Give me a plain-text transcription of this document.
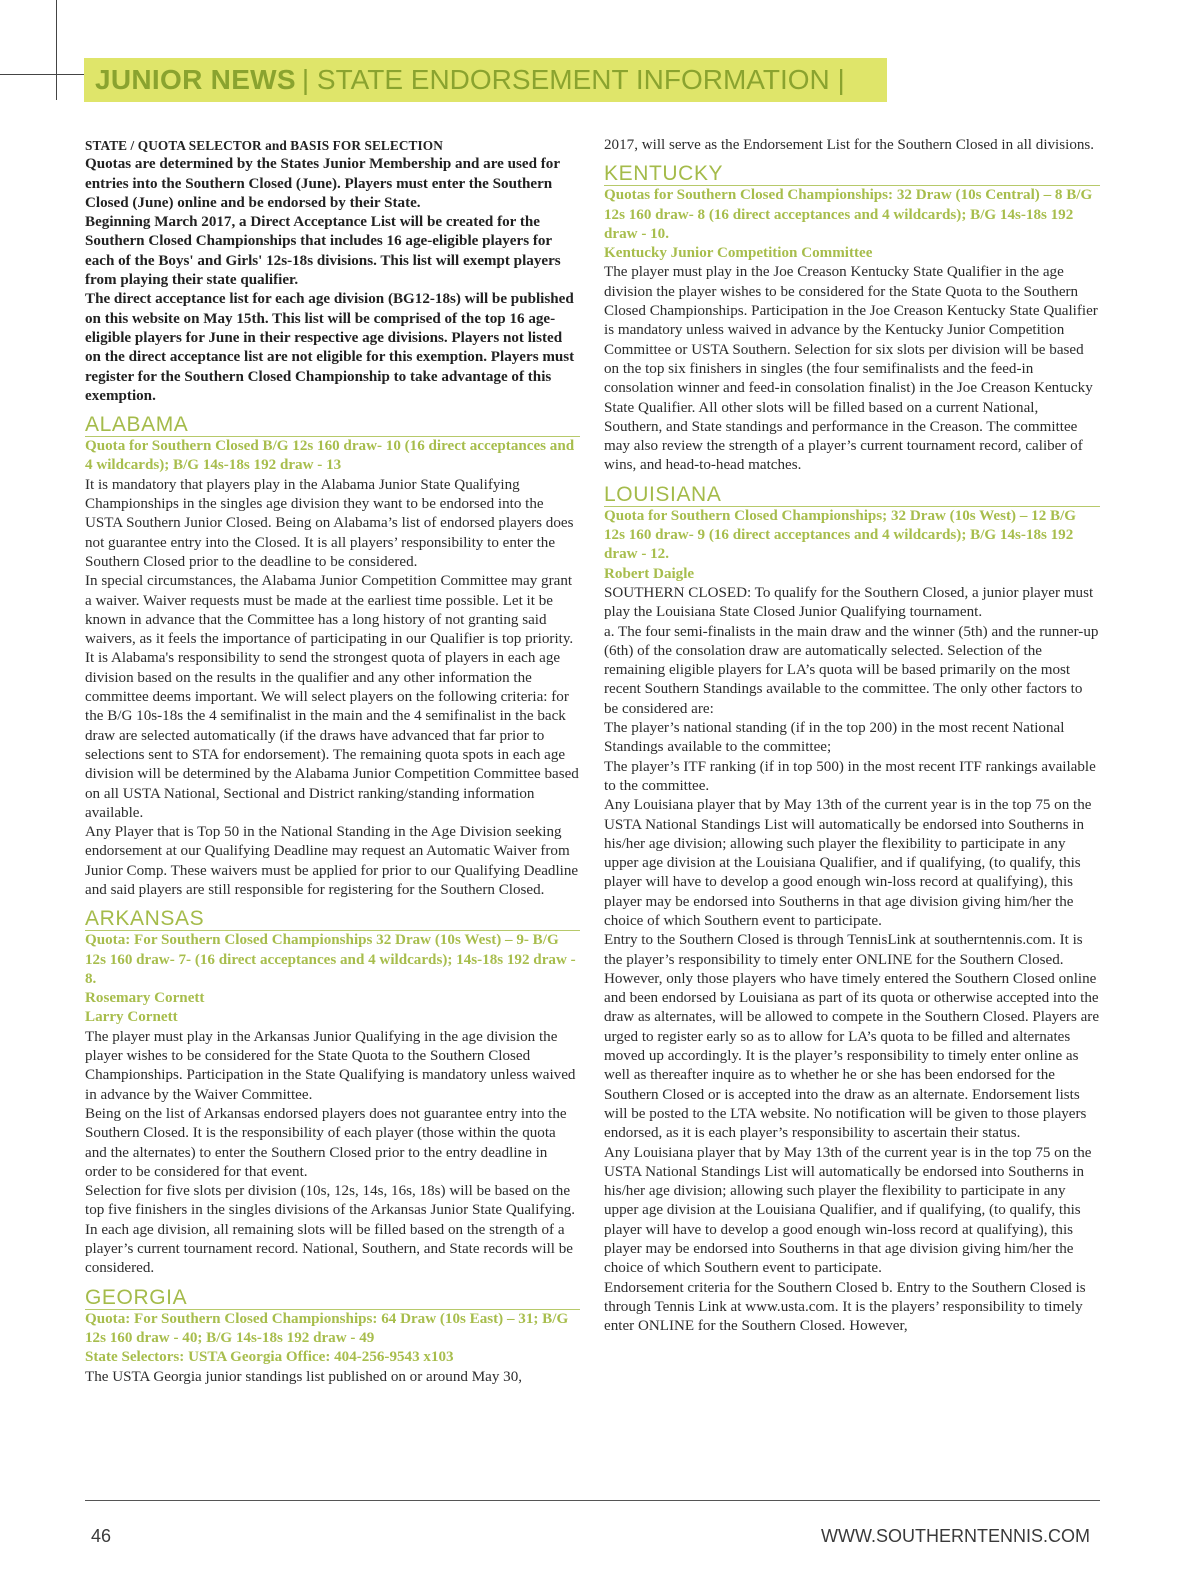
JUNIOR NEWS | STATE ENDORSEMENT INFORMATION |

STATE / QUOTA SELECTOR and BASIS FOR SELECTION

Quotas are determined by the States Junior Membership and are used for entries into the Southern Closed (June). Players must enter the Southern Closed (June) online and be endorsed by their State.

Beginning March 2017, a Direct Acceptance List will be created for the Southern Closed Championships that includes 16 age-eligible players for each of the Boys' and Girls' 12s-18s divisions. This list will exempt players from playing their state qualifier.

The direct acceptance list for each age division (BG12-18s) will be published on this website on May 15th. This list will be comprised of the top 16 age-eligible players for June in their respective age divisions. Players not listed on the direct acceptance list are not eligible for this exemption. Players must register for the Southern Closed Championship to take advantage of this exemption.

ALABAMA

Quota for Southern Closed B/G 12s 160 draw- 10 (16 direct acceptances and 4 wildcards); B/G 14s-18s 192 draw - 13

It is mandatory that players play in the Alabama Junior State Qualifying Championships in the singles age division they want to be endorsed into the USTA Southern Junior Closed. Being on Alabama’s list of endorsed players does not guarantee entry into the Closed. It is all players’ responsibility to enter the Southern Closed prior to the deadline to be considered.

In special circumstances, the Alabama Junior Competition Committee may grant a waiver. Waiver requests must be made at the earliest time possible. Let it be known in advance that the Committee has a long history of not granting said waivers, as it feels the importance of participating in our Qualifier is top priority.

It is Alabama's responsibility to send the strongest quota of players in each age division based on the results in the qualifier and any other information the committee deems important. We will select players on the following criteria: for the B/G 10s-18s the 4 semifinalist in the main and the 4 semifinalist in the back draw are selected automatically (if the draws have advanced that far prior to selections sent to STA for endorsement). The remaining quota spots in each age division will be determined by the Alabama Junior Competition Committee based on all USTA National, Sectional and District ranking/standing information available.

Any Player that is Top 50 in the National Standing in the Age Division seeking endorsement at our Qualifying Deadline may request an Automatic Waiver from Junior Comp. These waivers must be applied for prior to our Qualifying Deadline and said players are still responsible for registering for the Southern Closed.

ARKANSAS

Quota: For Southern Closed Championships 32 Draw (10s West) – 9- B/G 12s 160 draw- 7- (16 direct acceptances and 4 wildcards); 14s-18s 192 draw - 8.

Rosemary Cornett

Larry Cornett

The player must play in the Arkansas Junior Qualifying in the age division the player wishes to be considered for the State Quota to the Southern Closed Championships. Participation in the State Qualifying is mandatory unless waived in advance by the Waiver Committee.

Being on the list of Arkansas endorsed players does not guarantee entry into the Southern Closed. It is the responsibility of each player (those within the quota and the alternates) to enter the Southern Closed prior to the entry deadline in order to be considered for that event.

Selection for five slots per division (10s, 12s, 14s, 16s, 18s) will be based on the top five finishers in the singles divisions of the Arkansas Junior State Qualifying. In each age division, all remaining slots will be filled based on the strength of a player’s current tournament record. National, Southern, and State records will be considered.

GEORGIA

Quota: For Southern Closed Championships: 64 Draw (10s East) – 31; B/G 12s 160 draw - 40; B/G 14s-18s 192 draw - 49

State Selectors: USTA Georgia Office: 404-256-9543 x103

The USTA Georgia junior standings list published on or around May 30,

2017, will serve as the Endorsement List for the Southern Closed in all divisions.

KENTUCKY

Quotas for Southern Closed Championships: 32 Draw (10s Central) – 8 B/G 12s 160 draw- 8 (16 direct acceptances and 4 wildcards); B/G 14s-18s 192 draw - 10.

Kentucky Junior Competition Committee

The player must play in the Joe Creason Kentucky State Qualifier in the age division the player wishes to be considered for the State Quota to the Southern Closed Championships. Participation in the Joe Creason Kentucky State Qualifier is mandatory unless waived in advance by the Kentucky Junior Competition Committee or USTA Southern. Selection for six slots per division will be based on the top six finishers in singles (the four semifinalists and the feed-in consolation winner and feed-in consolation finalist) in the Joe Creason Kentucky State Qualifier. All other slots will be filled based on a current National, Southern, and State standings and performance in the Creason. The committee may also review the strength of a player’s current tournament record, caliber of wins, and head-to-head matches.

LOUISIANA

Quota for Southern Closed Championships; 32 Draw (10s West) – 12 B/G 12s 160 draw- 9 (16 direct acceptances and 4 wildcards); B/G 14s-18s 192 draw - 12.

Robert Daigle

SOUTHERN CLOSED: To qualify for the Southern Closed, a junior player must play the Louisiana State Closed Junior Qualifying tournament.

a. The four semi-finalists in the main draw and the winner (5th) and the runner-up (6th) of the consolation draw are automatically selected. Selection of the remaining eligible players for LA’s quota will be based primarily on the most recent Southern Standings available to the committee. The only other factors to be considered are:

The player’s national standing (if in the top 200) in the most recent National Standings available to the committee;

The player’s ITF ranking (if in top 500) in the most recent ITF rankings available to the committee.

Any Louisiana player that by May 13th of the current year is in the top 75 on the USTA National Standings List will automatically be endorsed into Southerns in his/her age division; allowing such player the flexibility to participate in any upper age division at the Louisiana Qualifier, and if qualifying, (to qualify, this player will have to develop a good enough win-loss record at qualifying), this player may be endorsed into Southerns in that age division giving him/her the choice of which Southern event to participate.

Entry to the Southern Closed is through TennisLink at southerntennis.com. It is the player’s responsibility to timely enter ONLINE for the Southern Closed. However, only those players who have timely entered the Southern Closed online and been endorsed by Louisiana as part of its quota or otherwise accepted into the draw as alternates, will be allowed to compete in the Southern Closed. Players are urged to register early so as to allow for LA’s quota to be filled and alternates moved up accordingly. It is the player’s responsibility to timely enter online as well as thereafter inquire as to whether he or she has been endorsed for the Southern Closed or is accepted into the draw as an alternate. Endorsement lists will be posted to the LTA website. No notification will be given to those players endorsed, as it is each player’s responsibility to ascertain their status.

Any Louisiana player that by May 13th of the current year is in the top 75 on the USTA National Standings List will automatically be endorsed into Southerns in his/her age division; allowing such player the flexibility to participate in any upper age division at the Louisiana Qualifier, and if qualifying, (to qualify, this player will have to develop a good enough win-loss record at qualifying), this player may be endorsed into Southerns in that age division giving him/her the choice of which Southern event to participate.

Endorsement criteria for the Southern Closed b. Entry to the Southern Closed is through Tennis Link at www.usta.com. It is the players’ responsibility to timely enter ONLINE for the Southern Closed. However,

46	WWW.SOUTHERNTENNIS.COM
